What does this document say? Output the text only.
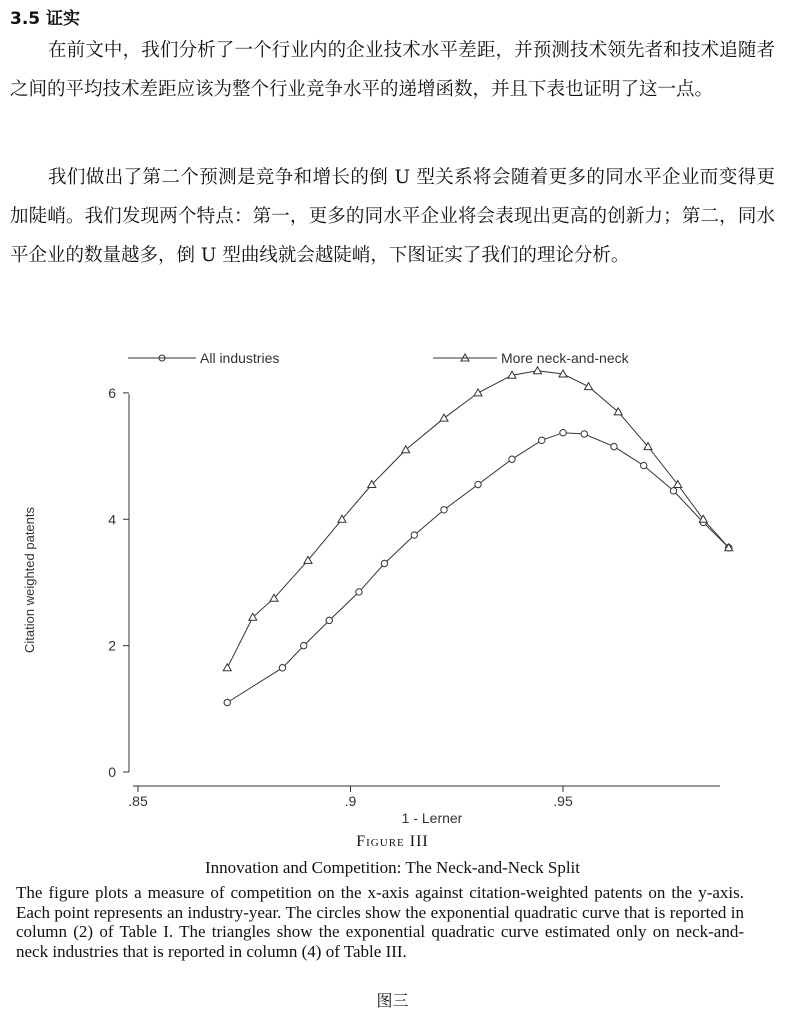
3.5 证实

在前文中，我们分析了一个行业内的企业技术水平差距，并预测技术领先者和技术追随者之间的平均技术差距应该为整个行业竞争水平的递增函数，并且下表也证明了这一点。

我们做出了第二个预测是竞争和增长的倒 U 型关系将会随着更多的同水平企业而变得更加陡峭。我们发现两个特点：第一，更多的同水平企业将会表现出更高的创新力；第二，同水平企业的数量越多，倒 U 型曲线就会越陡峭，下图证实了我们的理论分析。

All industries	More neck-and-neck
0
2
4
6
.85	.9	.95
Citation weighted patents
1 - Lerner
Figure III
Innovation and Competition: The Neck-and-Neck Split
The figure plots a measure of competition on the x-axis against citation-weighted patents on the y-axis. Each point represents an industry-year. The circles show the exponential quadratic curve that is reported in column (2) of Table I. The triangles show the exponential quadratic curve estimated only on neck-and-neck industries that is reported in column (4) of Table III.
图三
